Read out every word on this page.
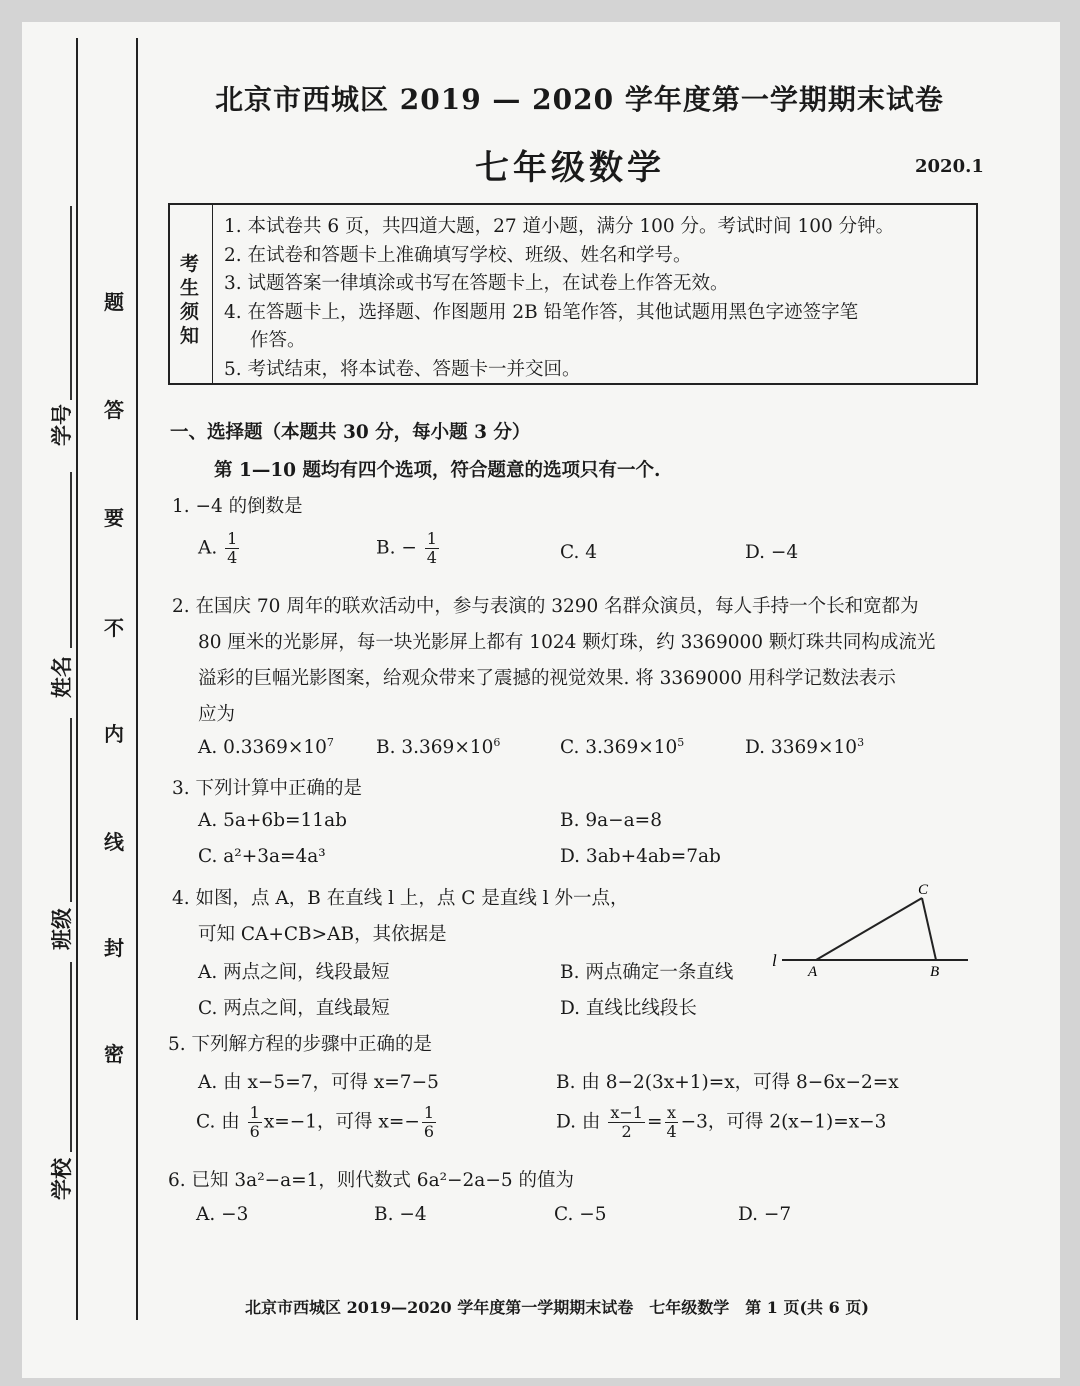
题
答
要
不
内
线
封
密
学号
姓名
班级
学校
北京市西城区 2019 — 2020 学年度第一学期期末试卷
七年级数学	2020.1
考
生
须
知
1. 本试卷共 6 页，共四道大题，27 道小题，满分 100 分。考试时间 100 分钟。
2. 在试卷和答题卡上准确填写学校、班级、姓名和学号。
3. 试题答案一律填涂或书写在答题卡上，在试卷上作答无效。
4. 在答题卡上，选择题、作图题用 2B 铅笔作答，其他试题用黑色字迹签字笔
作答。
5. 考试结束，将本试卷、答题卡一并交回。
一、选择题（本题共 30 分，每小题 3 分）
第 1—10 题均有四个选项，符合题意的选项只有一个.
1. −4 的倒数是
A. $\frac{1}{4}$	B. − $\frac{1}{4}$	C. 4	D. −4
2. 在国庆 70 周年的联欢活动中，参与表演的 3290 名群众演员，每人手持一个长和宽都为
80 厘米的光影屏，每一块光影屏上都有 1024 颗灯珠，约 3369000 颗灯珠共同构成流光
溢彩的巨幅光影图案，给观众带来了震撼的视觉效果. 将 3369000 用科学记数法表示
应为
A. $0.3369\times 10^7$ B. $3.369\times 10^6$	C. $3.369\times 10^5$	D. $3369\times 10^3$
3. 下列计算中正确的是
A. 5a+6b=11ab	B. 9a−a=8
C. a²+3a=4a³	D. 3ab+4ab=7ab
4. 如图，点 A，B 在直线 l 上，点 C 是直线 l 外一点，
可知 CA+CB>AB，其依据是
A. 两点之间，线段最短	B. 两点确定一条直线
C. 两点之间，直线最短	D. 直线比线段长
l
A	B
C
5. 下列解方程的步骤中正确的是
A. 由 x−5=7，可得 x=7−5	B. 由 8−2(3x+1)=x，可得 8−6x−2=x
C. 由 $\frac{1}{6} x=-1$，可得 $x=- \frac{1}{6}$	D. 由 $\frac{x-1}{2} = \frac{x}{4} -3$，可得 2(x−1)=x−3
6. 已知 3a²−a=1，则代数式 6a²−2a−5 的值为
A. −3	B. −4	C. −5	D. −7
北京市西城区 2019—2020 学年度第一学期期末试卷　七年级数学　第 1 页(共 6 页)
